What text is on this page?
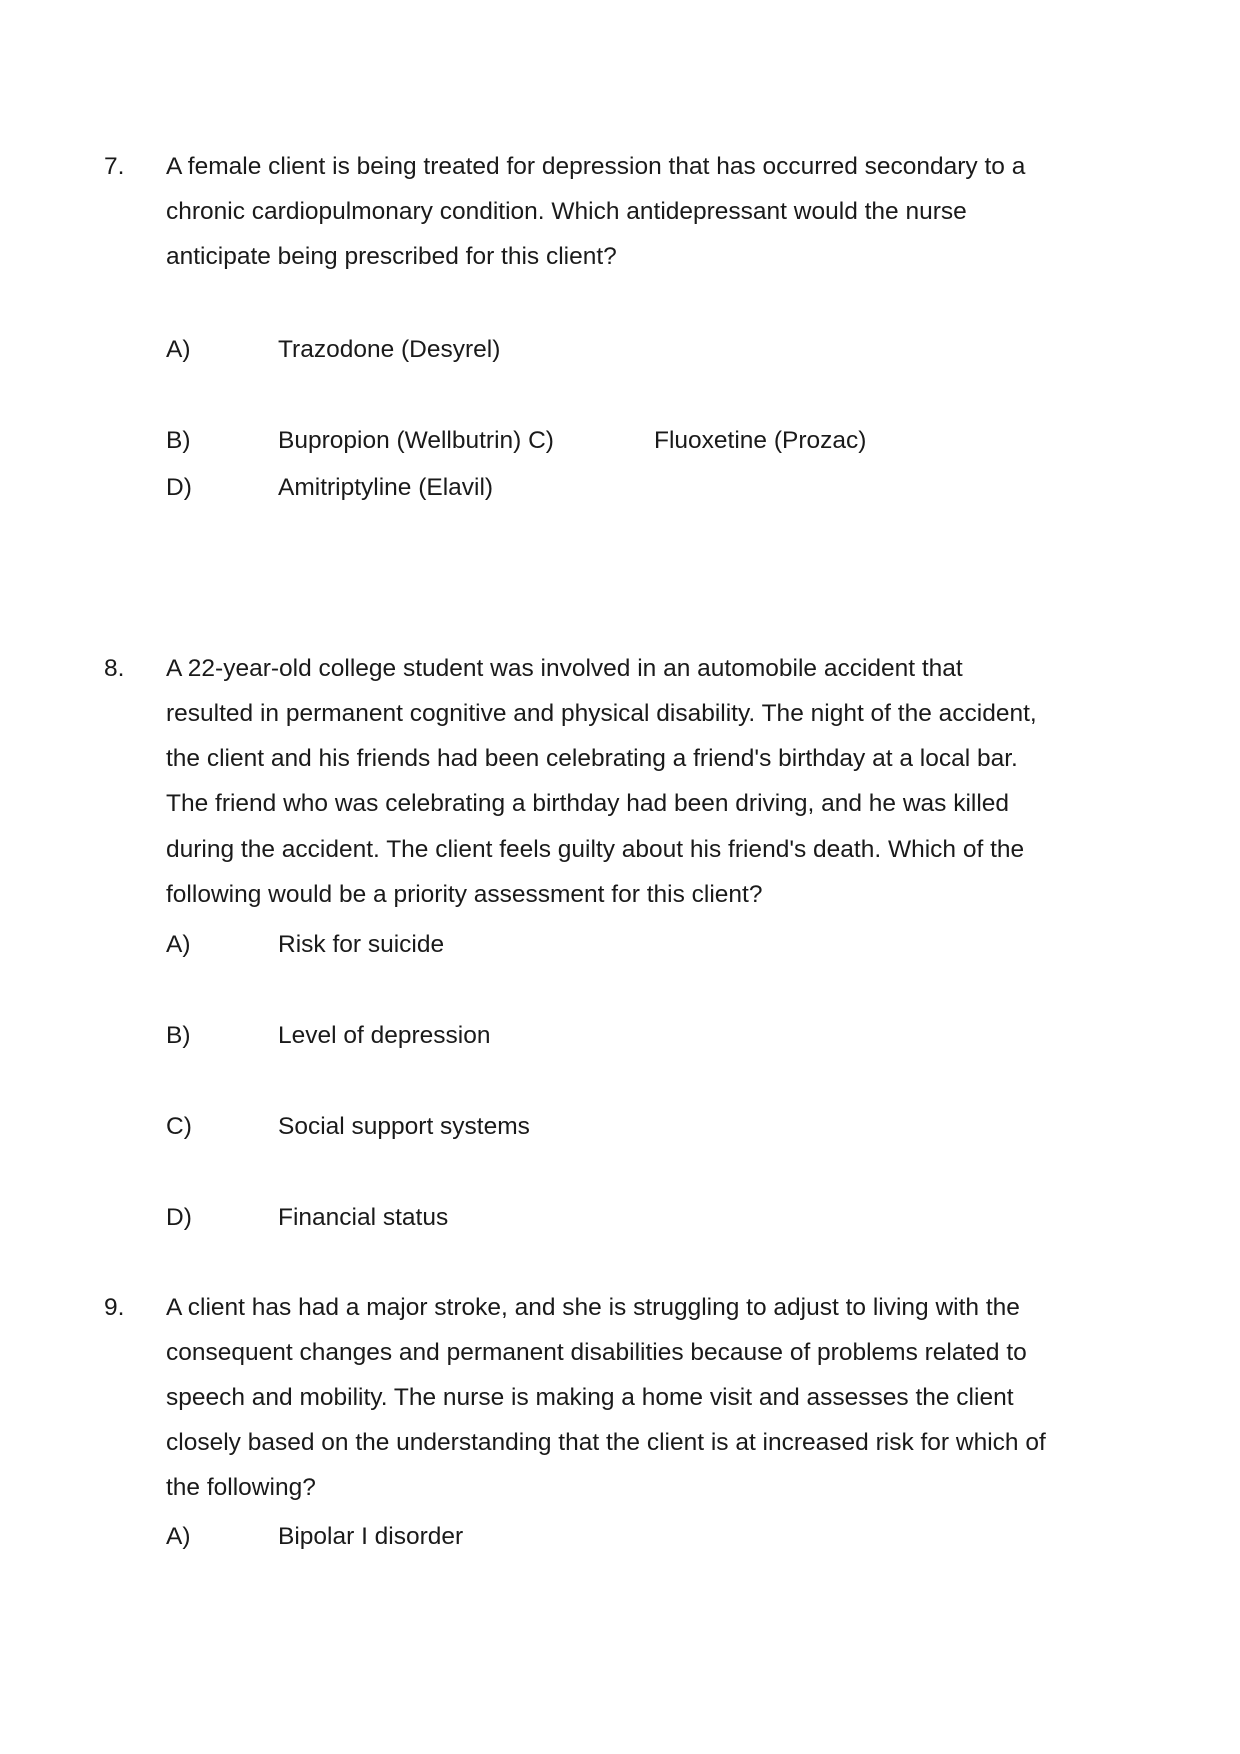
7. A female client is being treated for depression that has occurred secondary to a
chronic cardiopulmonary condition. Which antidepressant would the nurse
anticipate being prescribed for this client?
A)	Trazodone (Desyrel)
B)	Bupropion (Wellbutrin) C)	Fluoxetine (Prozac)
D)	Amitriptyline (Elavil)
8. A 22-year-old college student was involved in an automobile accident that
resulted in permanent cognitive and physical disability. The night of the accident,
the client and his friends had been celebrating a friend's birthday at a local bar.
The friend who was celebrating a birthday had been driving, and he was killed
during the accident. The client feels guilty about his friend's death. Which of the
following would be a priority assessment for this client?
A)	Risk for suicide
B)	Level of depression
C)	Social support systems
D)	Financial status
9. A client has had a major stroke, and she is struggling to adjust to living with the
consequent changes and permanent disabilities because of problems related to
speech and mobility. The nurse is making a home visit and assesses the client
closely based on the understanding that the client is at increased risk for which of
the following?
A)	Bipolar I disorder
